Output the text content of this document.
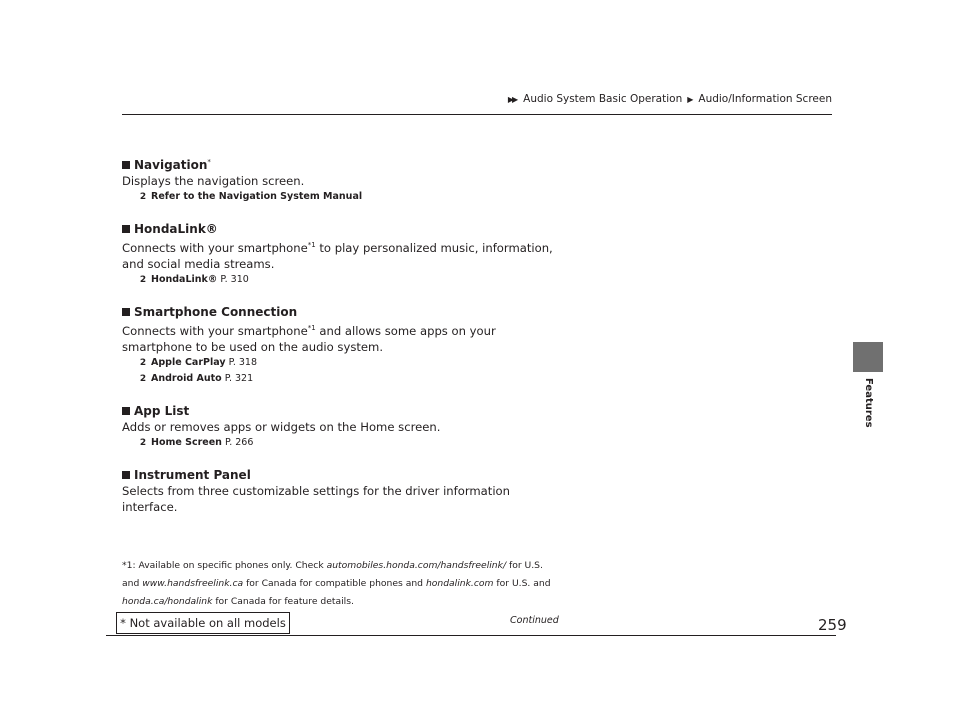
▶▶ Audio System Basic Operation ▶ Audio/Information Screen
Features
Navigation*
Displays the navigation screen.
2 Refer to the Navigation System Manual
HondaLink®
Connects with your smartphone$^{*1}$ to play personalized music, information, and social media streams.
2 HondaLink® P. 310
Smartphone Connection
Connects with your smartphone$^{*1}$ and allows some apps on your smartphone to be used on the audio system.
2 Apple CarPlay P. 318
2 Android Auto P. 321
App List
Adds or removes apps or widgets on the Home screen.
2 Home Screen P. 266
Instrument Panel
Selects from three customizable settings for the driver information interface.
*1: Available on specific phones only. Check automobiles.honda.com/handsfreelink/ for U.S. and www.handsfreelink.ca for Canada for compatible phones and hondalink.com for U.S. and honda.ca/hondalink for Canada for feature details.
Continued	259
* Not available on all models
